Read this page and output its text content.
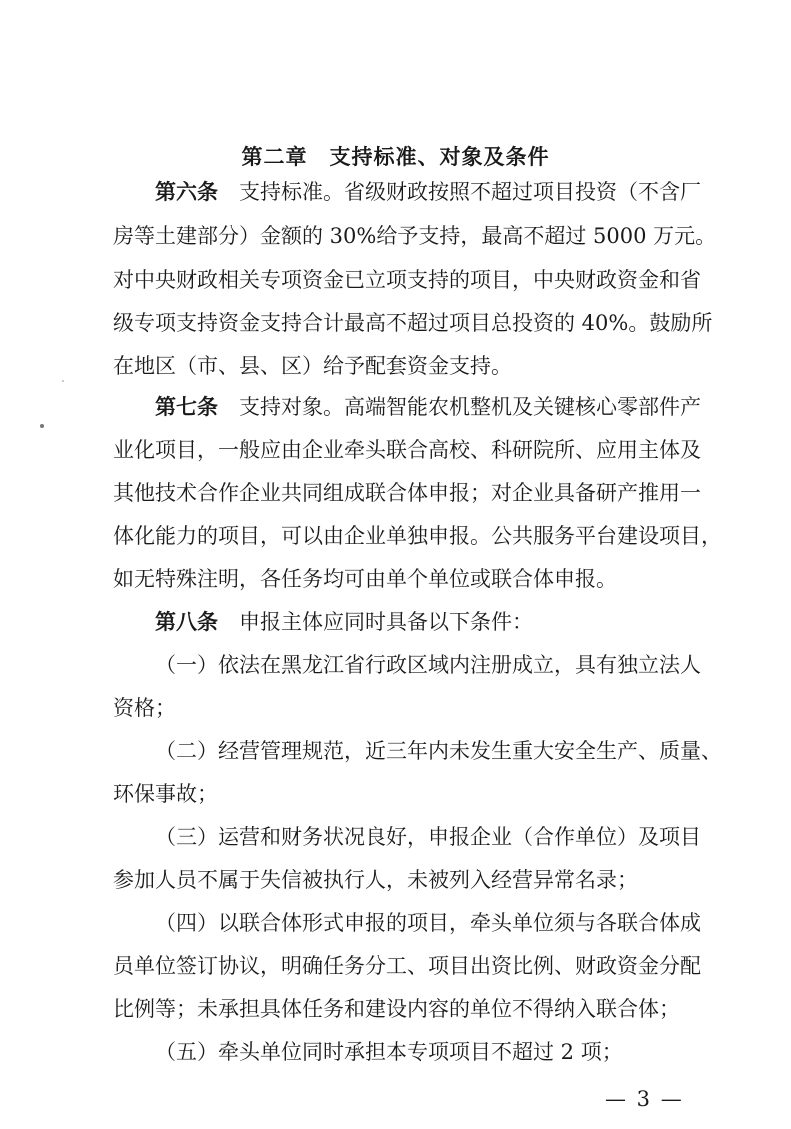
第二章　支持标准、对象及条件
第六条　 支持标准。省级财政按照不超过项目投资（不含厂
房等土建部分）金额的 30%给予支持，最高不超过 5000 万元。
对中央财政相关专项资金已立项支持的项目，中央财政资金和省
级专项支持资金支持合计最高不超过项目总投资的 40%。鼓励所
在地区（市、县、区）给予配套资金支持。
第七条　 支持对象。高端智能农机整机及关键核心零部件产
业化项目，一般应由企业牵头联合高校、科研院所、应用主体及
其他技术合作企业共同组成联合体申报；对企业具备研产推用一
体化能力的项目，可以由企业单独申报。公共服务平台建设项目，
如无特殊注明，各任务均可由单个单位或联合体申报。
第八条　 申报主体应同时具备以下条件：
（一）依法在黑龙江省行政区域内注册成立，具有独立法人
资格；
（二）经营管理规范，近三年内未发生重大安全生产、质量、
环保事故；
（三）运营和财务状况良好，申报企业（合作单位）及项目
参加人员不属于失信被执行人，未被列入经营异常名录；
（四）以联合体形式申报的项目，牵头单位须与各联合体成
员单位签订协议，明确任务分工、项目出资比例、财政资金分配
比例等；未承担具体任务和建设内容的单位不得纳入联合体；
（五）牵头单位同时承担本专项项目不超过 2 项；
— 3 —
